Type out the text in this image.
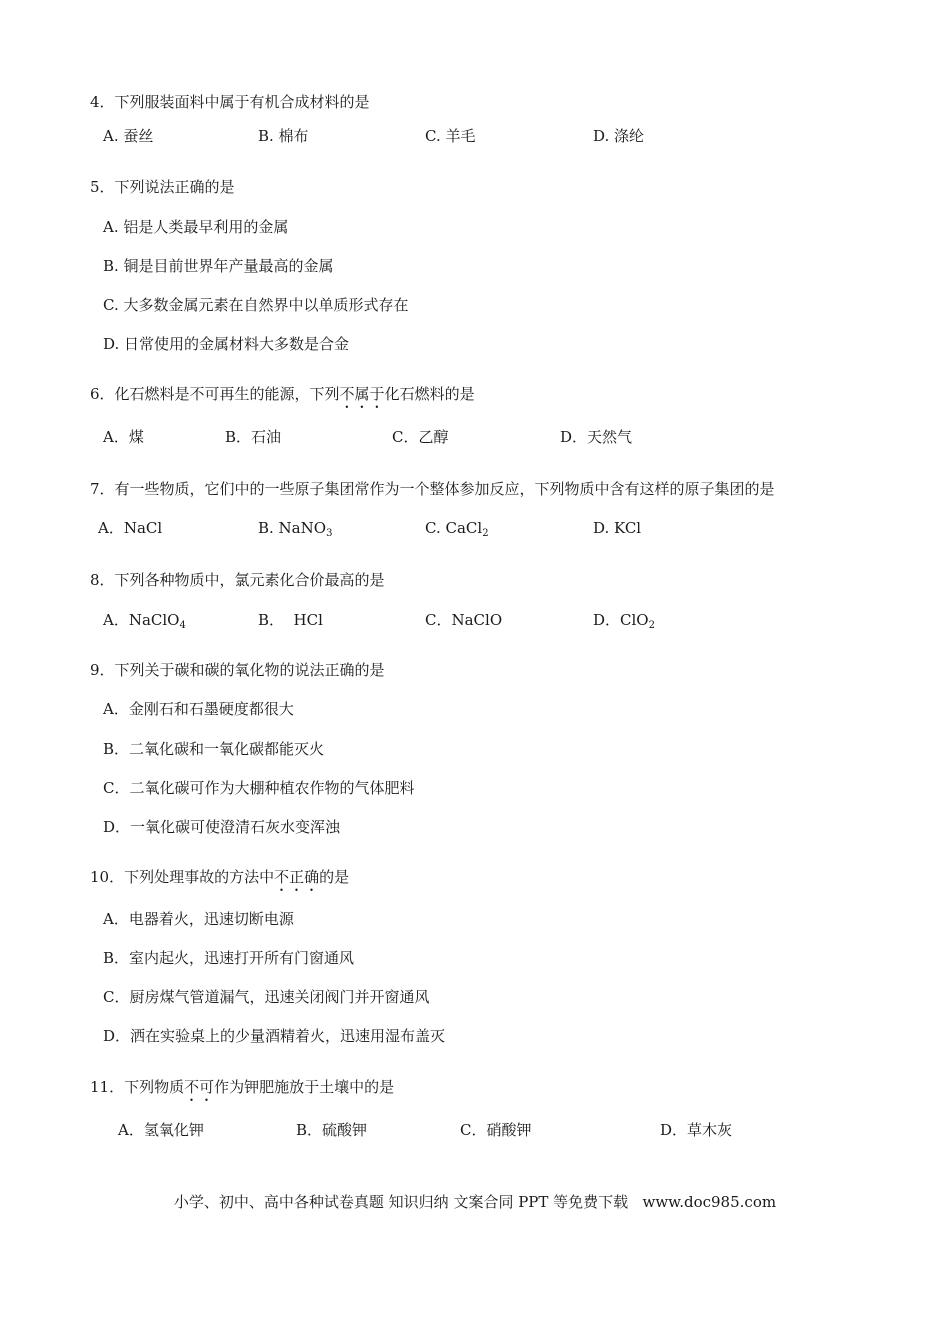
4．下列服装面料中属于有机合成材料的是
A. 蚕丝	B. 棉布	C. 羊毛	D. 涤纶
5．下列说法正确的是
A. 铝是人类最早利用的金属
B. 铜是目前世界年产量最高的金属
C. 大多数金属元素在自然界中以单质形式存在
D. 日常使用的金属材料大多数是合金
6．化石燃料是不可再生的能源，下列不属于化石燃料的是
A．煤	B．石油	C．乙醇	D．天然气
7．有一些物质，它们中的一些原子集团常作为一个整体参加反应，下列物质中含有这样的原子集团的是
A．NaCl	B. NaNO$_3$	C. CaCl$_2$	D. KCl
8．下列各种物质中，氯元素化合价最高的是
A．NaClO$_4$	B．  HCl	C．NaClO	D．ClO$_2$
9．下列关于碳和碳的氧化物的说法正确的是
A．金刚石和石墨硬度都很大
B．二氧化碳和一氧化碳都能灭火
C．二氧化碳可作为大棚种植农作物的气体肥料
D．一氧化碳可使澄清石灰水变浑浊
10．下列处理事故的方法中不正确的是
A．电器着火，迅速切断电源
B．室内起火，迅速打开所有门窗通风
C．厨房煤气管道漏气，迅速关闭阀门并开窗通风
D．洒在实验桌上的少量酒精着火，迅速用湿布盖灭
11．下列物质不可作为钾肥施放于土壤中的是
A．氢氧化钾	B．硫酸钾	C．硝酸钾	D．草木灰
小学、初中、高中各种试卷真题 知识归纳 文案合同 PPT 等免费下载   www.doc985.com
